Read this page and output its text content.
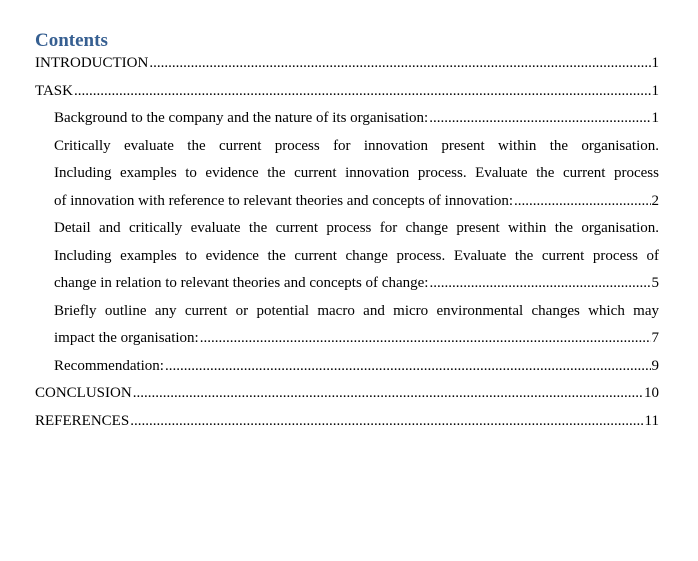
Contents
INTRODUCTION .....	1
TASK .....	1
Background to the company and the nature of its organisation: .....	1
Critically evaluate the current process for innovation present within the organisation.
Including examples to evidence the current innovation process. Evaluate the current process
of innovation with reference to relevant theories and concepts of innovation: .....	2
Detail and critically evaluate the current process for change present within the organisation.
Including examples to evidence the current change process. Evaluate the current process of
change in relation to relevant theories and concepts of change: .....	5
Briefly outline any current or potential macro and micro environmental changes which may
impact the organisation: .....	7
Recommendation: .....	9
CONCLUSION .....	10
REFERENCES .....	11
